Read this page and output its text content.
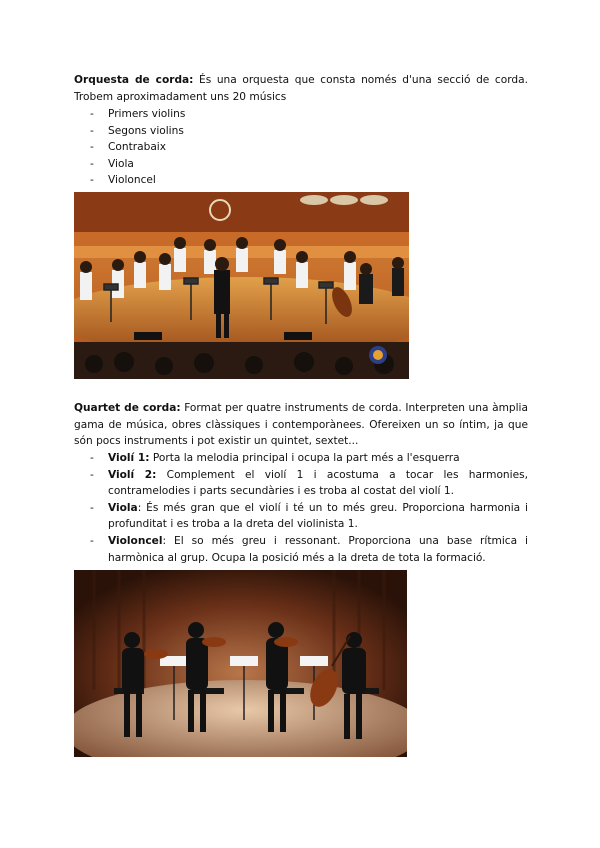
Orquesta de corda: És una orquesta que consta només d'una secció de corda. Trobem aproximadament uns 20 músics
- Primers violins
- Segons violins
- Contrabaix
- Viola
- Violoncel
Quartet de corda: Format per quatre instruments de corda. Interpreten una àmplia gama de música, obres clàssiques i contemporànees. Ofereixen un so íntim, ja que són pocs instruments i pot existir un quintet, sextet...
- Violí 1: Porta la melodia principal i ocupa la part més a l'esquerra
- Violí 2: Complement el violí 1 i acostuma a tocar les harmonies, contramelodies i parts secundàries i es troba al costat del violí 1.
- Viola: És més gran que el violí i té un to més greu. Proporciona harmonia i profunditat i es troba a la dreta del violinista 1.
- Violoncel: El so més greu i ressonant. Proporciona una base rítmica i harmònica al grup. Ocupa la posició més a la dreta de tota la formació.
